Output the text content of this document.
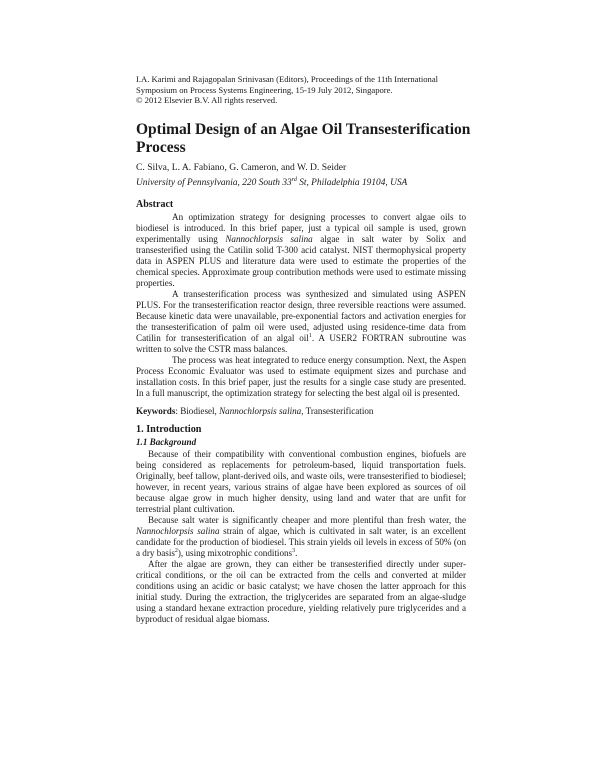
I.A. Karimi and Rajagopalan Srinivasan (Editors), Proceedings of the 11th International
Symposium on Process Systems Engineering, 15-19 July 2012, Singapore.
© 2012 Elsevier B.V. All rights reserved.
Optimal Design of an Algae Oil Transesterification Process

C. Silva, L. A. Fabiano, G. Cameron, and W. D. Seider

University of Pennsylvania, 220 South 33rd St, Philadelphia 19104, USA

Abstract

An optimization strategy for designing processes to convert algae oils to biodiesel is introduced. In this brief paper, just a typical oil sample is used, grown experimentally using Nannochlorpsis salina algae in salt water by Solix and transesterified using the Catilin solid T-300 acid catalyst. NIST thermophysical property data in ASPEN PLUS and literature data were used to estimate the properties of the chemical species. Approximate group contribution methods were used to estimate missing properties.

A transesterification process was synthesized and simulated using ASPEN PLUS. For the transesterification reactor design, three reversible reactions were assumed. Because kinetic data were unavailable, pre-exponential factors and activation energies for the transesterification of palm oil were used, adjusted using residence-time data from Catilin for transesterification of an algal oil$^1$. A USER2 FORTRAN subroutine was written to solve the CSTR mass balances.

The process was heat integrated to reduce energy consumption. Next, the Aspen Process Economic Evaluator was used to estimate equipment sizes and purchase and installation costs. In this brief paper, just the results for a single case study are presented. In a full manuscript, the optimization strategy for selecting the best algal oil is presented.

Keywords: Biodiesel, Nannochlorpsis salina, Transesterification

1. Introduction
1.1 Background

Because of their compatibility with conventional combustion engines, biofuels are being considered as replacements for petroleum-based, liquid transportation fuels. Originally, beef tallow, plant-derived oils, and waste oils, were transesterified to biodiesel; however, in recent years, various strains of algae have been explored as sources of oil because algae grow in much higher density, using land and water that are unfit for terrestrial plant cultivation.

Because salt water is significantly cheaper and more plentiful than fresh water, the Nannochlorpsis salina strain of algae, which is cultivated in salt water, is an excellent candidate for the production of biodiesel. This strain yields oil levels in excess of 50% (on a dry basis$^2$), using mixotrophic conditions$^3$.

After the algae are grown, they can either be transesterified directly under super-critical conditions, or the oil can be extracted from the cells and converted at milder conditions using an acidic or basic catalyst; we have chosen the latter approach for this initial study. During the extraction, the triglycerides are separated from an algae-sludge using a standard hexane extraction procedure, yielding relatively pure triglycerides and a byproduct of residual algae biomass.
